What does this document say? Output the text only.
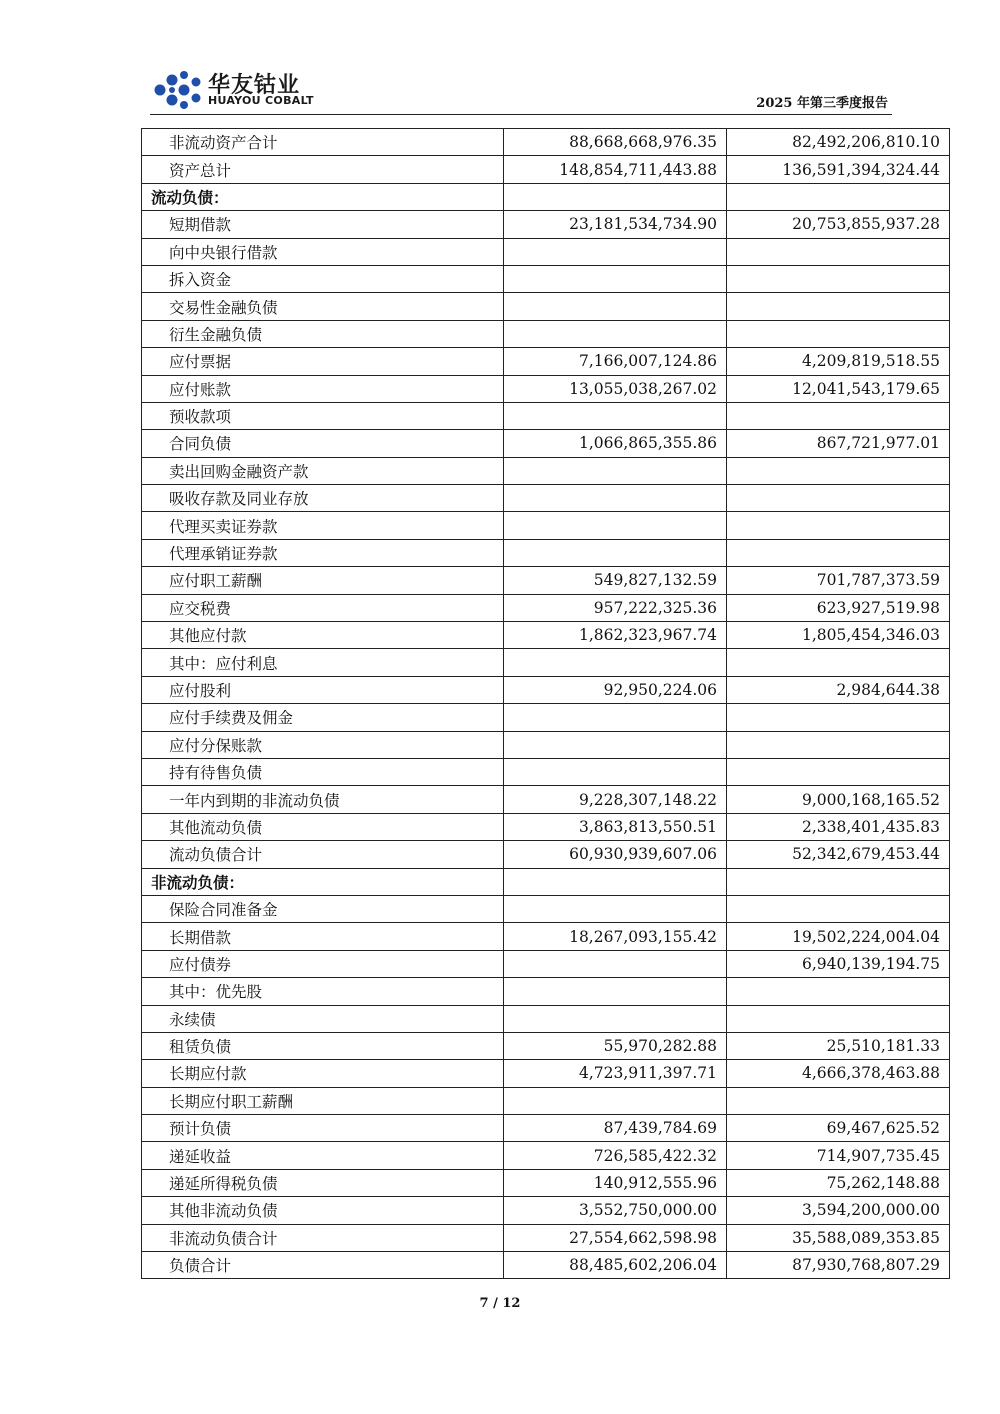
华友钴业
HUAYOU COBALT	2025 年第三季度报告
非流动资产合计	88,668,668,976.35	82,492,206,810.10
资产总计	148,854,711,443.88	136,591,394,324.44
流动负债：		
短期借款	23,181,534,734.90	20,753,855,937.28
向中央银行借款		
拆入资金		
交易性金融负债		
衍生金融负债		
应付票据	7,166,007,124.86	4,209,819,518.55
应付账款	13,055,038,267.02	12,041,543,179.65
预收款项		
合同负债	1,066,865,355.86	867,721,977.01
卖出回购金融资产款		
吸收存款及同业存放		
代理买卖证券款		
代理承销证券款		
应付职工薪酬	549,827,132.59	701,787,373.59
应交税费	957,222,325.36	623,927,519.98
其他应付款	1,862,323,967.74	1,805,454,346.03
其中：应付利息		
应付股利	92,950,224.06	2,984,644.38
应付手续费及佣金		
应付分保账款		
持有待售负债		
一年内到期的非流动负债	9,228,307,148.22	9,000,168,165.52
其他流动负债	3,863,813,550.51	2,338,401,435.83
流动负债合计	60,930,939,607.06	52,342,679,453.44
非流动负债：		
保险合同准备金		
长期借款	18,267,093,155.42	19,502,224,004.04
应付债券		6,940,139,194.75
其中：优先股		
永续债		
租赁负债	55,970,282.88	25,510,181.33
长期应付款	4,723,911,397.71	4,666,378,463.88
长期应付职工薪酬		
预计负债	87,439,784.69	69,467,625.52
递延收益	726,585,422.32	714,907,735.45
递延所得税负债	140,912,555.96	75,262,148.88
其他非流动负债	3,552,750,000.00	3,594,200,000.00
非流动负债合计	27,554,662,598.98	35,588,089,353.85
负债合计	88,485,602,206.04	87,930,768,807.29
7 / 12
